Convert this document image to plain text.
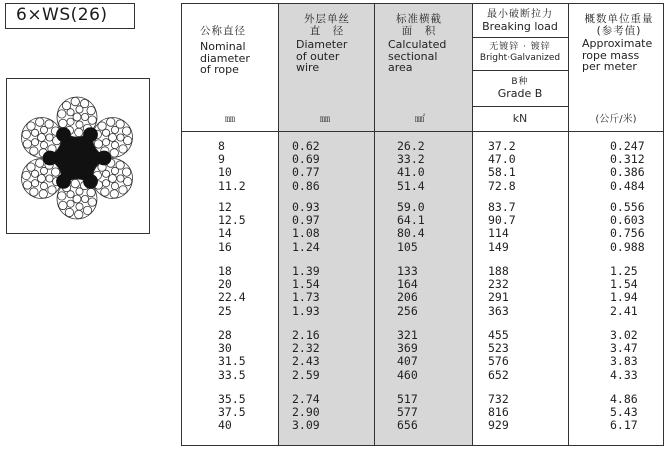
6×WS(26)
公称直径
Nominal
diameter
of rope
㎜
外层单丝
直　径
Diameter
of outer
wire
㎜
标准横截
面　积
Calculated
sectional
area
㎟
最小破断拉力
Breaking load
无镀锌 · 镀锌
Bright·Galvanized
B种
Grade B
kN
概数单位重量
(参考值)
Approximate
rope mass
per meter
(公斤/米)
8	0.62	26.2	37.2	0.247
9	0.69	33.2	47.0	0.312
10	0.77	41.0	58.1	0.386
11.2	0.86	51.4	72.8	0.484
12	0.93	59.0	83.7	0.556
12.5	0.97	64.1	90.7	0.603
14	1.08	80.4	114	0.756
16	1.24	105	149	0.988
18	1.39	133	188	1.25
20	1.54	164	232	1.54
22.4	1.73	206	291	1.94
25	1.93	256	363	2.41
28	2.16	321	455	3.02
30	2.32	369	523	3.47
31.5	2.43	407	576	3.83
33.5	2.59	460	652	4.33
35.5	2.74	517	732	4.86
37.5	2.90	577	816	5.43
40	3.09	656	929	6.17
